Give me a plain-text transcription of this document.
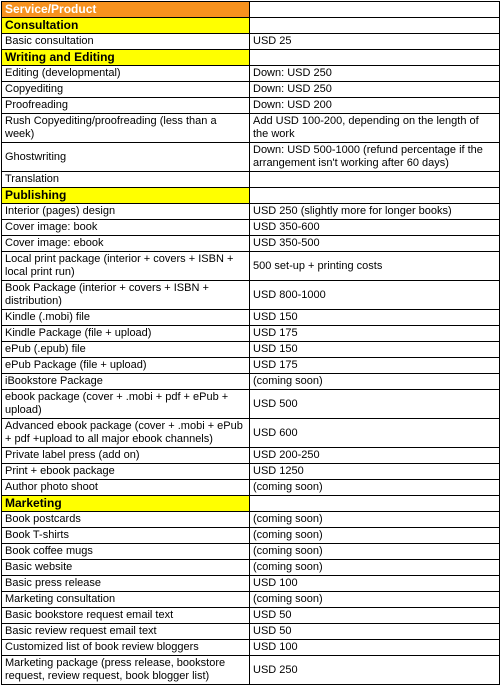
Service/Product	
Consultation	
Basic consultation	USD 25
Writing and Editing	
Editing (developmental)	Down: USD 250
Copyediting	Down: USD 250
Proofreading	Down: USD 200
Rush Copyediting/proofreading (less than a week)	Add USD 100-200, depending on the length of the work
Ghostwriting	Down: USD 500-1000 (refund percentage if the arrangement isn't working after 60 days)
Translation	
Publishing	
Interior (pages) design	USD 250 (slightly more for longer books)
Cover image: book	USD 350-600
Cover image: ebook	USD 350-500
Local print package (interior + covers + ISBN + local print run)	500 set-up + printing costs
Book Package (interior + covers + ISBN + distribution)	USD 800-1000
Kindle (.mobi) file	USD 150
Kindle Package (file + upload)	USD 175
ePub (.epub) file	USD 150
ePub Package (file + upload)	USD 175
iBookstore Package	(coming soon)
ebook package (cover + .mobi + pdf + ePub + upload)	USD 500
Advanced ebook package (cover + .mobi + ePub + pdf +upload to all major ebook channels)	USD 600
Private label press (add on)	USD 200-250
Print + ebook package	USD 1250
Author photo shoot	(coming soon)
Marketing	
Book postcards	(coming soon)
Book T-shirts	(coming soon)
Book coffee mugs	(coming soon)
Basic website	(coming soon)
Basic press release	USD 100
Marketing consultation	(coming soon)
Basic bookstore request email text	USD 50
Basic review request email text	USD 50
Customized list of book review bloggers	USD 100
Marketing package (press release, bookstore request, review request, book blogger list)	USD 250
